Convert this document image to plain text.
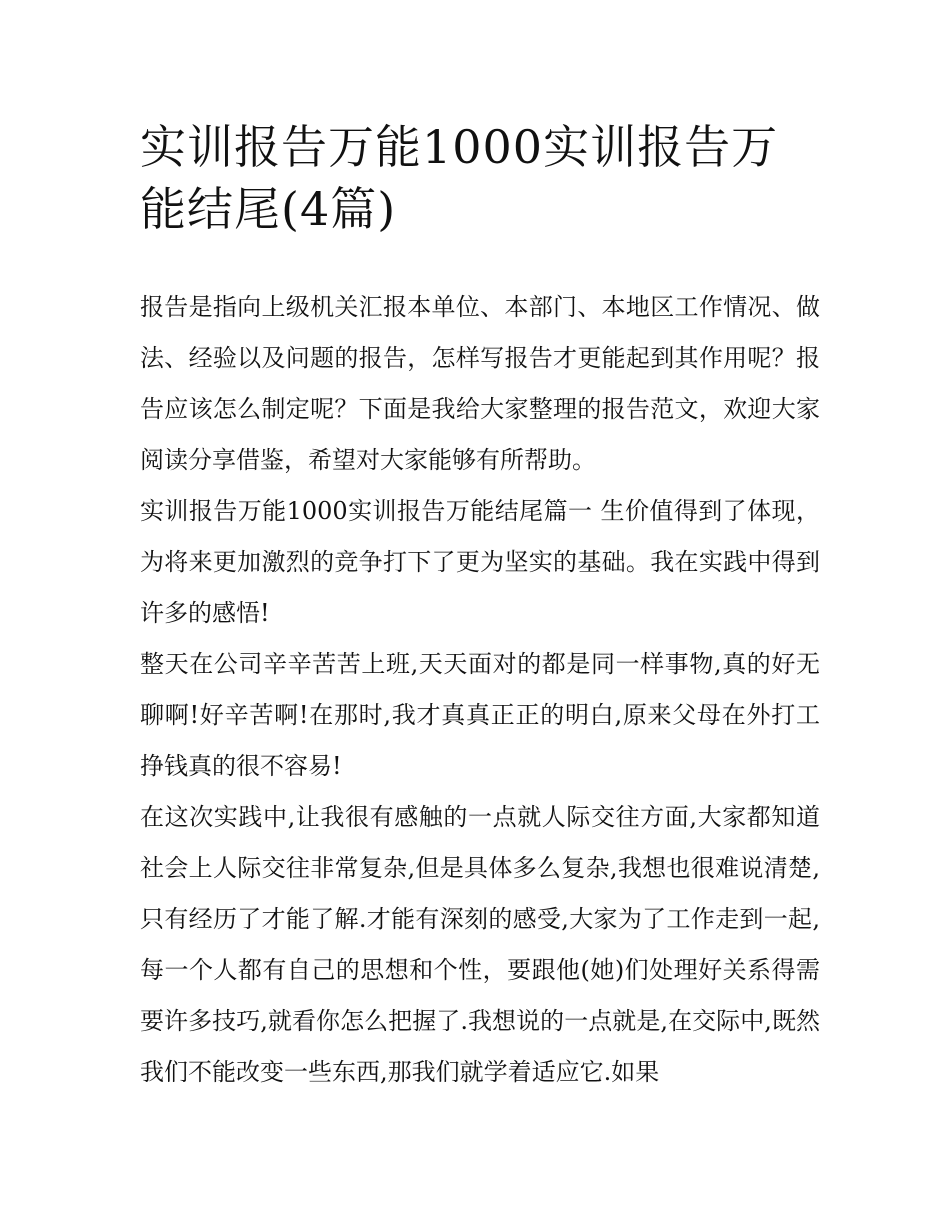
实训报告万能1000实训报告万能结尾(4篇)

报告是指向上级机关汇报本单位、本部门、本地区工作情况、做法、经验以及问题的报告，怎样写报告才更能起到其作用呢？报告应该怎么制定呢？下面是我给大家整理的报告范文，欢迎大家阅读分享借鉴，希望对大家能够有所帮助。

实训报告万能1000实训报告万能结尾篇一 生价值得到了体现，为将来更加激烈的竞争打下了更为坚实的基础。我在实践中得到许多的感悟!

整天在公司辛辛苦苦上班,天天面对的都是同一样事物,真的好无聊啊!好辛苦啊!在那时,我才真真正正的明白,原来父母在外打工挣钱真的很不容易!

在这次实践中,让我很有感触的一点就人际交往方面,大家都知道社会上人际交往非常复杂,但是具体多么复杂,我想也很难说清楚,只有经历了才能了解.才能有深刻的感受,大家为了工作走到一起,每一个人都有自己的思想和个性，要跟他(她)们处理好关系得需要许多技巧,就看你怎么把握了.我想说的一点就是,在交际中,既然我们不能改变一些东西,那我们就学着适应它.如果
